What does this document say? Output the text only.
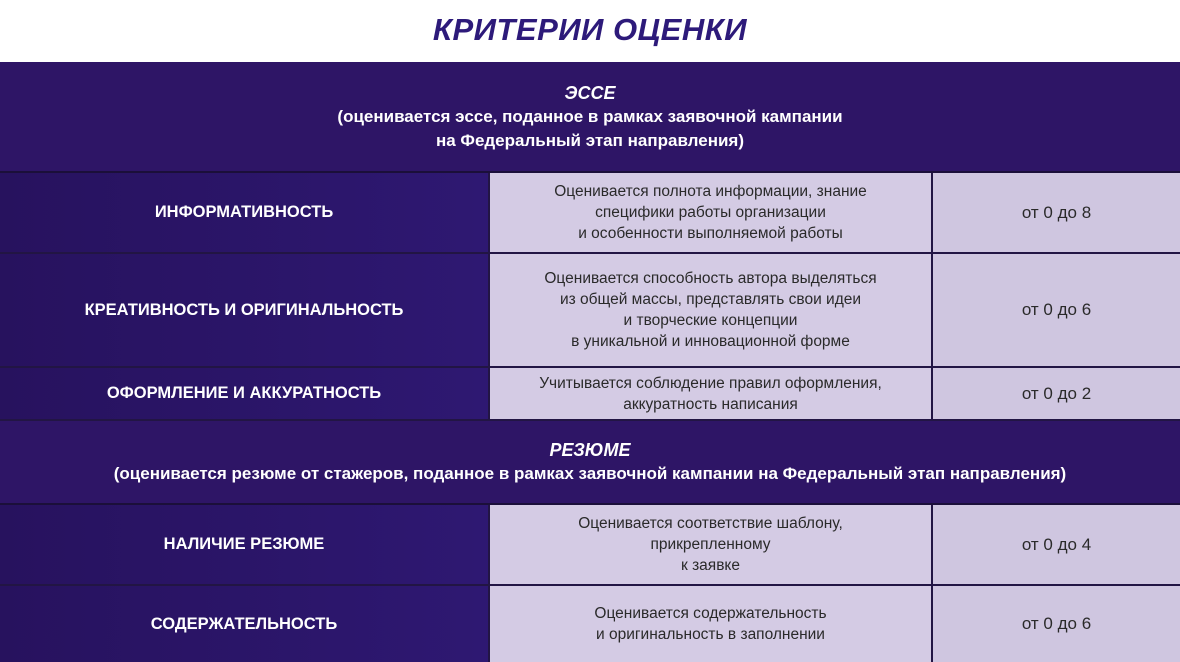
КРИТЕРИИ ОЦЕНКИ
ЭССЕ
(оценивается эссе, поданное в рамках заявочной кампании
на Федеральный этап направления)
ИНФОРМАТИВНОСТЬ
Оценивается полнота информации, знание
специфики работы организации
и особенности выполняемой работы
от 0 до 8
КРЕАТИВНОСТЬ И ОРИГИНАЛЬНОСТЬ
Оценивается способность автора выделяться
из общей массы, представлять свои идеи
и творческие концепции
в уникальной и инновационной форме
от 0 до 6
ОФОРМЛЕНИЕ И АККУРАТНОСТЬ
Учитывается соблюдение правил оформления,
аккуратность написания
от 0 до 2
РЕЗЮМЕ
(оценивается резюме от стажеров, поданное в рамках заявочной кампании на Федеральный этап направления)
НАЛИЧИЕ РЕЗЮМЕ
Оценивается соответствие шаблону,
прикрепленному
к заявке
от 0 до 4
СОДЕРЖАТЕЛЬНОСТЬ
Оценивается содержательность
и оригинальность в заполнении
от 0 до 6
